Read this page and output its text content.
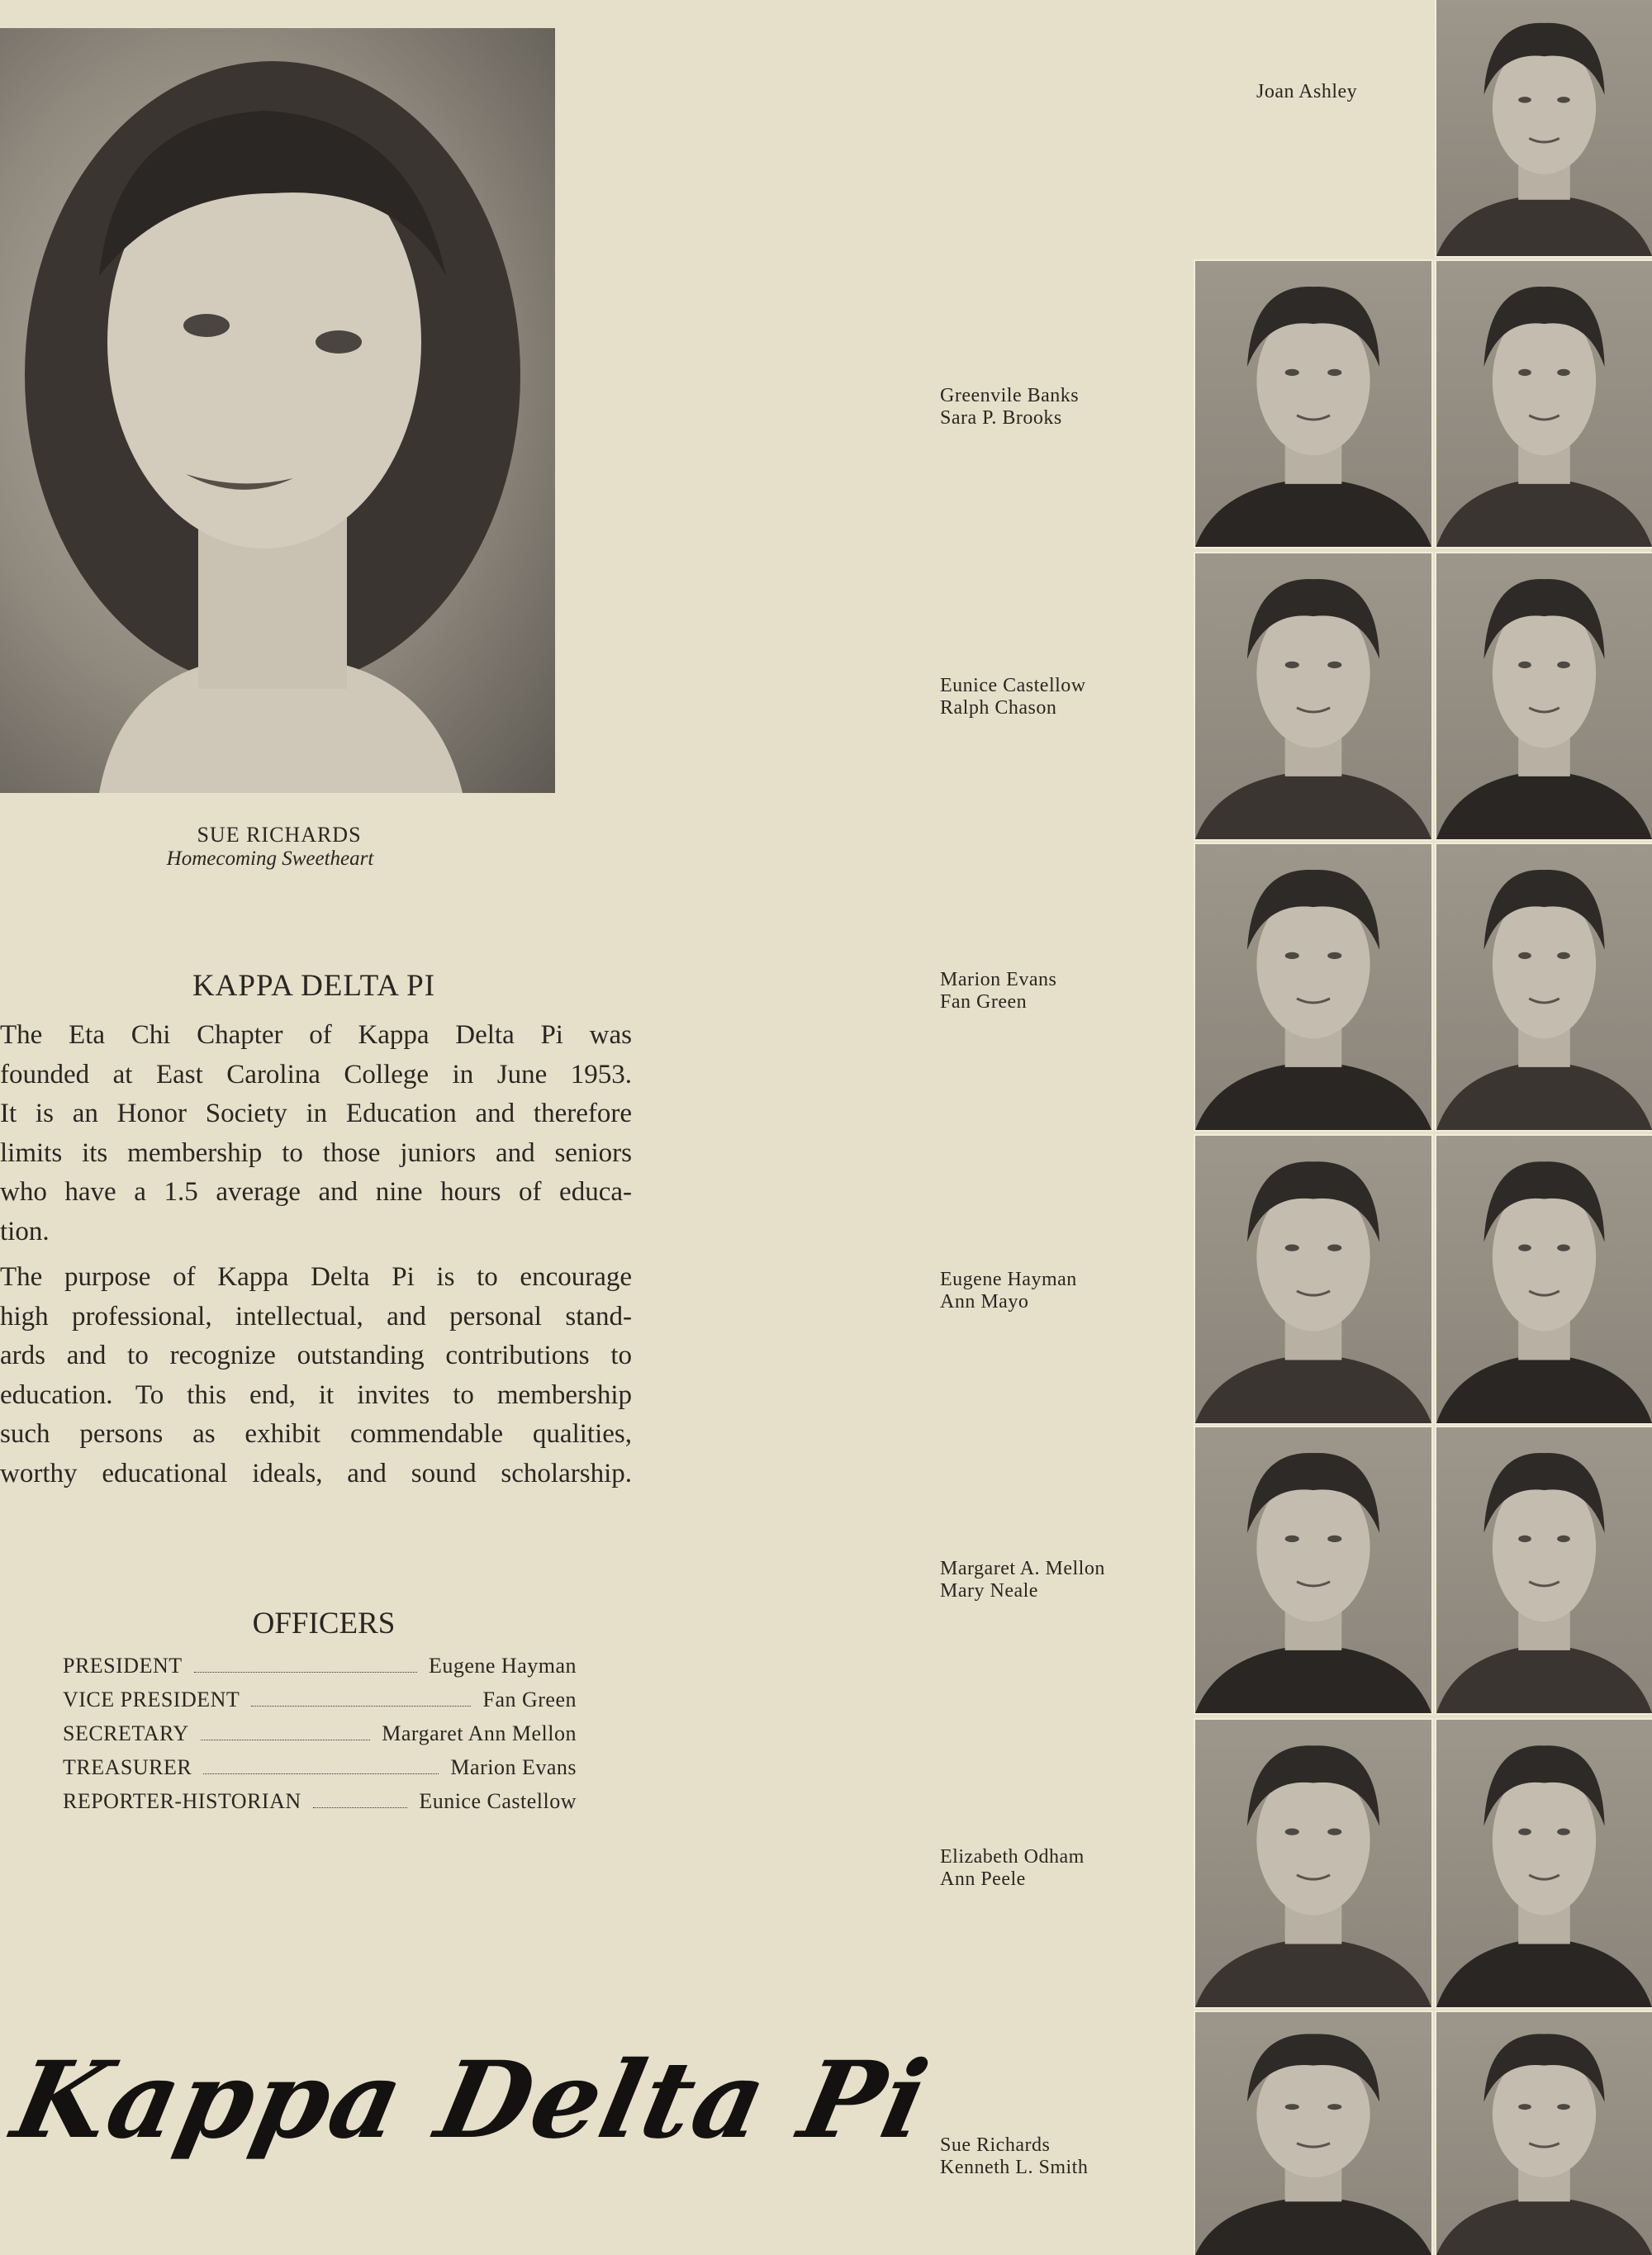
SUE RICHARDS
Homecoming Sweetheart
KAPPA DELTA PI
The Eta Chi Chapter of Kappa Delta Pi was
founded at East Carolina College in June 1953.
It is an Honor Society in Education and therefore
limits its membership to those juniors and seniors
who have a 1.5 average and nine hours of educa-
tion.
The purpose of Kappa Delta Pi is to encourage
high professional, intellectual, and personal stand-
ards and to recognize outstanding contributions to
education. To this end, it invites to membership
such persons as exhibit commendable qualities,
worthy educational ideals, and sound scholarship.
OFFICERS
PRESIDENT	Eugene Hayman
VICE PRESIDENT	Fan Green
SECRETARY	Margaret Ann Mellon
TREASURER	Marion Evans
REPORTER-HISTORIAN	Eunice Castellow
Kappa Delta Pi
Joan Ashley
Greenvile Banks
Sara P. Brooks
Eunice Castellow
Ralph Chason
Marion Evans
Fan Green
Eugene Hayman
Ann Mayo
Margaret A. Mellon
Mary Neale
Elizabeth Odham
Ann Peele
Sue Richards
Kenneth L. Smith
